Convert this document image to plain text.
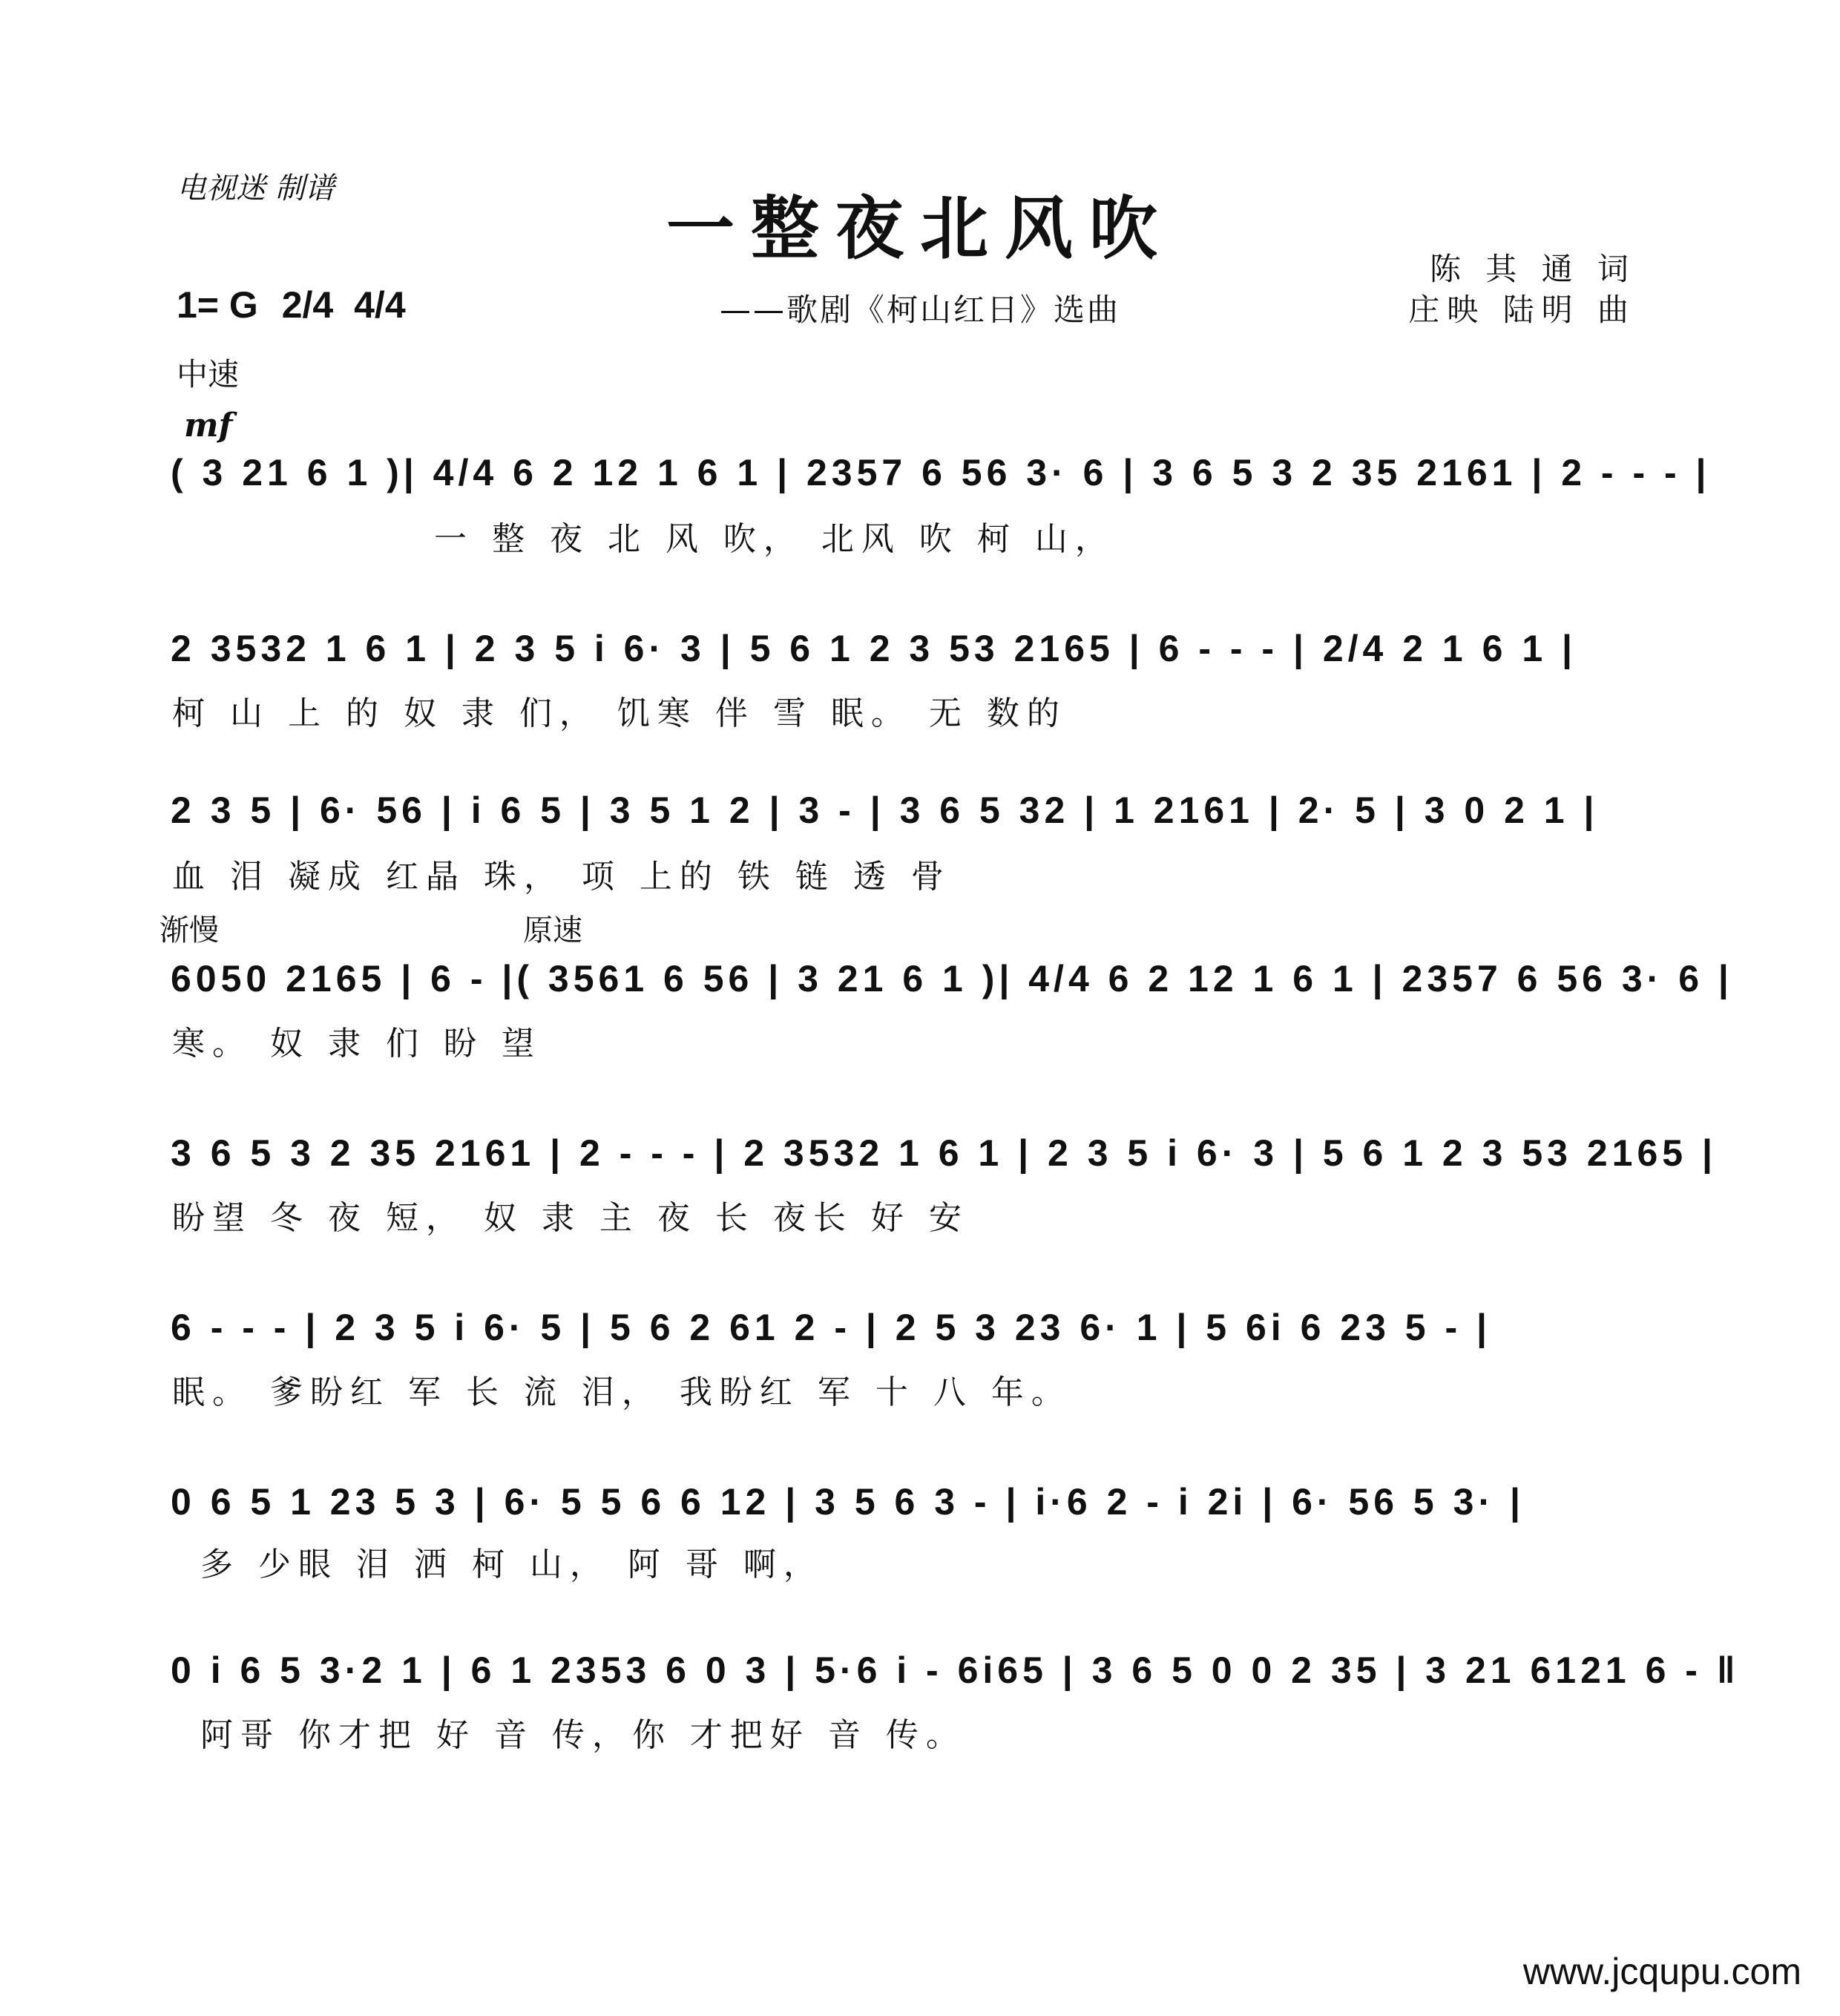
电视迷 制谱	一整夜北风吹
——歌剧《柯山红日》选曲
陈 其 通 词
庄映 陆明 曲
1= G 2/4 4/4
中速
mf
渐慢	原速
( 3 21 6 1 )| 4/4 6 2 12 1 6 1 | 2357 6 56 3· 6 | 3 6 5 3 2 35 2161 | 2 - - - |
一 整 夜 北 风 吹， 北风 吹 柯 山，
2 3532 1 6 1 | 2 3 5 i 6· 3 | 5 6 1 2 3 53 2165 | 6 - - - | 2/4 2 1 6 1 |
柯 山 上 的 奴 隶 们， 饥寒 伴 雪 眠。 无 数的
2 3 5 | 6· 56 | i 6 5 | 3 5 1 2 | 3 - | 3 6 5 32 | 1 2161 | 2· 5 | 3 0 2 1 |
血 泪 凝成 红晶 珠， 项 上的 铁 链 透 骨
6050 2165 | 6 - |( 3561 6 56 | 3 21 6 1 )| 4/4 6 2 12 1 6 1 | 2357 6 56 3· 6 |
寒。 奴 隶 们 盼 望
3 6 5 3 2 35 2161 | 2 - - - | 2 3532 1 6 1 | 2 3 5 i 6· 3 | 5 6 1 2 3 53 2165 |
盼望 冬 夜 短， 奴 隶 主 夜 长 夜长 好 安
6 - - - | 2 3 5 i 6· 5 | 5 6 2 61 2 - | 2 5 3 23 6· 1 | 5 6i 6 23 5 - |
眠。 爹盼红 军 长 流 泪， 我盼红 军 十 八 年。
0 6 5 1 23 5 3 | 6· 5 5 6 6 12 | 3 5 6 3 - | i·6 2 - i 2i | 6· 56 5 3· |
多 少眼 泪 洒 柯 山， 阿 哥 啊，
0 i 6 5 3·2 1 | 6 1 2353 6 0 3 | 5·6 i - 6i65 | 3 6 5 0 0 2 35 | 3 21 6121 6 - ‖
阿哥 你才把 好 音 传，你 才把好 音 传。
www.jcqupu.com
